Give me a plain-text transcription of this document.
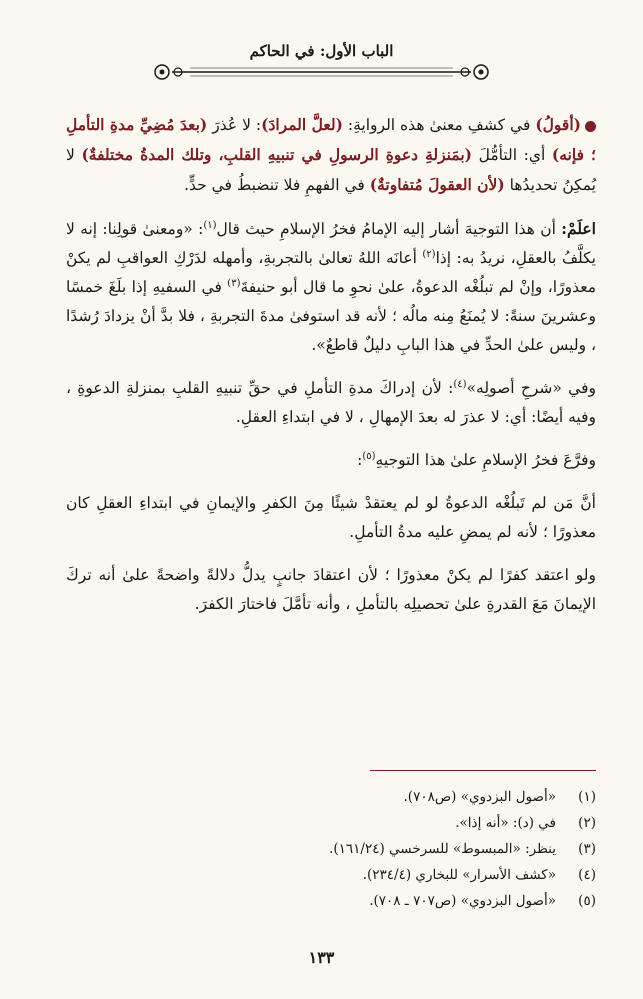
الباب الأول: في الحاكم

(أقولُ) في كشفِ معنىٰ هذه الروايةِ: (لعلَّ المرادَ): لا عُذرَ (بعدَ مُضِيِّ مدةِ التأملِ ؛ فإنه) أي: التأمُّلَ (بمَنزلةِ دعوةِ الرسولِ في تنبيهِ القلبِ، وتلك المدةُ مختلفةٌ) لا يُمكِنُ تحديدُها (لأن العقولَ مُتفاوتةٌ) في الفهمِ فلا تنضبطُ في حدٍّ.

اعلَمْ: أن هذا التوجيهَ أشار إليه الإمامُ فخرُ الإسلامِ حيث قال$^{(١)}$: «ومعنىٰ قولِنا: إنه لا يكلَّفُ بالعقلِ، نريدُ به: إذا$^{(٢)}$ أعانَه اللهُ تعالىٰ بالتجربةِ، وأمهله لدَرْكِ العواقبِ لم يكنْ معذورًا، وإنْ لم تبلُغْه الدعوةُ، علىٰ نحوِ ما قال أبو حنيفةَ$^{(٣)}$ في السفيهِ إذا بلَغَ خمسًا وعشرينَ سنةً: لا يُمنَعُ مِنه مالُه ؛ لأنه قد استوفىٰ مدةَ التجربةِ ، فلا بدَّ أنْ يزدادَ رُشدًا ، وليس علىٰ الحدِّ في هذا البابِ دليلٌ قاطعٌ».

وفي «شرحِ أصولِه»$^{(٤)}$: لأن إدراكَ مدةِ التأملِ في حقِّ تنبيهِ القلبِ بمنزلةِ الدعوةِ ، وفيه أيضًا: أي: لا عذرَ له بعدَ الإمهالِ ، لا في ابتداءِ العقلِ.

وفرَّعَ فخرُ الإسلامِ علىٰ هذا التوجيهِ$^{(٥)}$:

أنَّ مَن لم تَبلُغْه الدعوةُ لو لم يعتقدْ شيئًا مِنَ الكفرِ والإيمانِ في ابتداءِ العقلِ كان معذورًا ؛ لأنه لم يمضِ عليه مدةُ التأملِ.

ولو اعتقد كفرًا لم يكنْ معذورًا ؛ لأن اعتقادَ جانبٍ يدلُّ دلالةً واضحةً علىٰ أنه تركَ الإيمانَ مَعَ القدرةِ علىٰ تحصيلِه بالتأملِ ، وأنه تأمَّلَ فاختارَ الكفرَ.

(١)
«أصول البزدوي» (ص٧٠٨).
(٢)
في (د): «أنه إذا».
(٣)
ينظر: «المبسوط» للسرخسي (١٦١/٢٤).
(٤)
«كشف الأسرار» للبخاري (٢٣٤/٤).
(٥)
«أصول البزدوي» (ص٧٠٧ ـ ٧٠٨).
١٣٣
